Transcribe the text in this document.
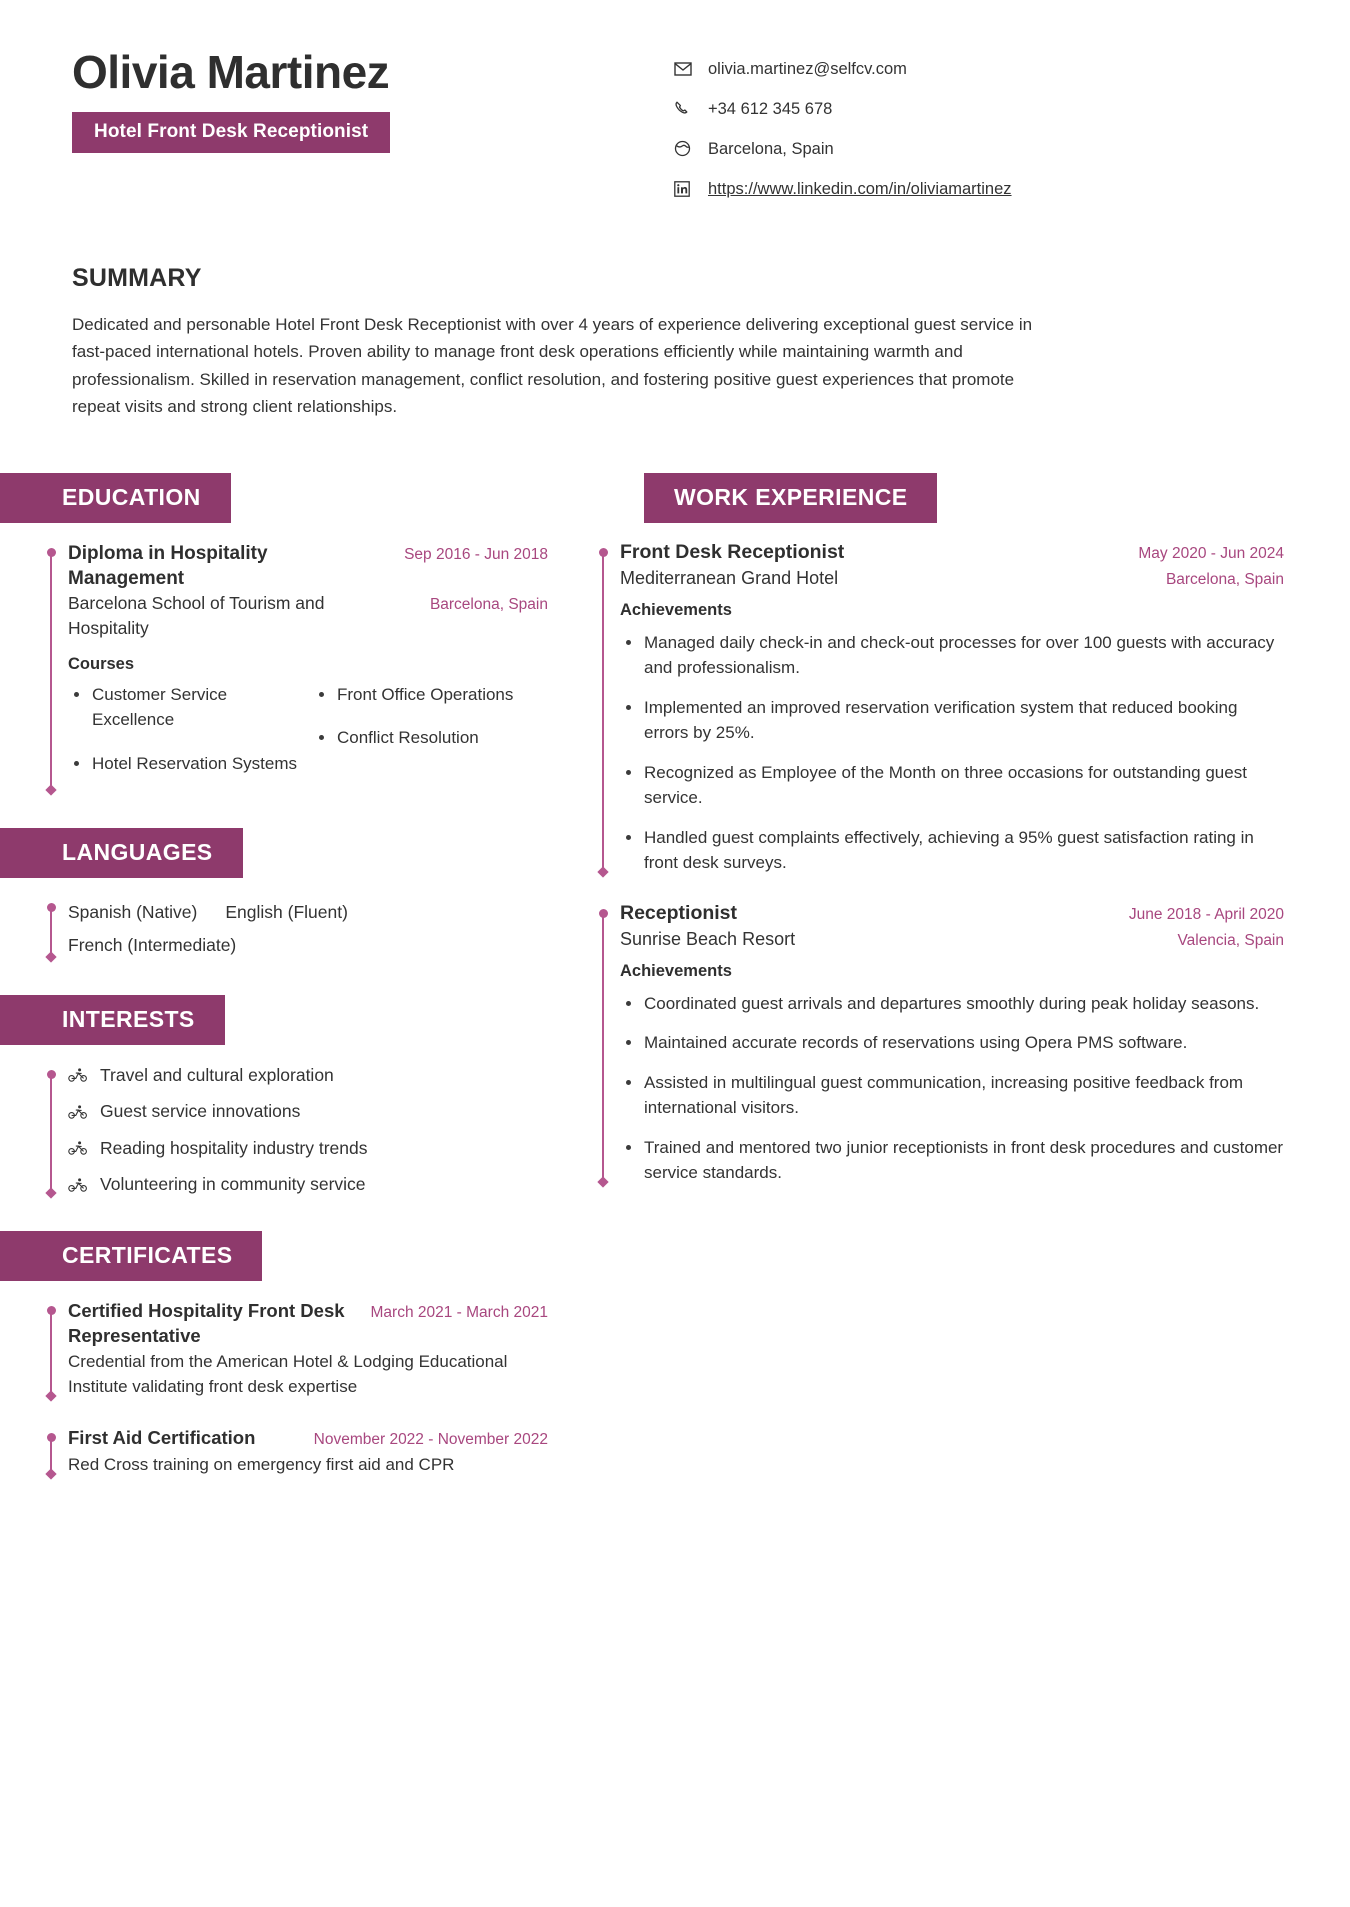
Olivia Martinez
Hotel Front Desk Receptionist
olivia.martinez@selfcv.com
+34 612 345 678
Barcelona, Spain
https://www.linkedin.com/in/oliviamartinez
SUMMARY
Dedicated and personable Hotel Front Desk Receptionist with over 4 years of experience delivering exceptional guest service in fast-paced international hotels. Proven ability to manage front desk operations efficiently while maintaining warmth and professionalism. Skilled in reservation management, conflict resolution, and fostering positive guest experiences that promote repeat visits and strong client relationships.
EDUCATION
Diploma in Hospitality Management
Sep 2016 - Jun 2018
Barcelona School of Tourism and Hospitality
Barcelona, Spain
Courses
Customer Service Excellence
Hotel Reservation Systems
Front Office Operations
Conflict Resolution
LANGUAGES
Spanish (Native) English (Fluent)
French (Intermediate)
INTERESTS
Travel and cultural exploration
Guest service innovations
Reading hospitality industry trends
Volunteering in community service
CERTIFICATES
Certified Hospitality Front Desk Representative
March 2021 - March 2021
Credential from the American Hotel & Lodging Educational Institute validating front desk expertise
First Aid Certification	November 2022 - November 2022
Red Cross training on emergency first aid and CPR
WORK EXPERIENCE
Front Desk Receptionist	May 2020 - Jun 2024
Mediterranean Grand Hotel	Barcelona, Spain
Achievements
Managed daily check-in and check-out processes for over 100 guests with accuracy and professionalism.
Implemented an improved reservation verification system that reduced booking errors by 25%.
Recognized as Employee of the Month on three occasions for outstanding guest service.
Handled guest complaints effectively, achieving a 95% guest satisfaction rating in front desk surveys.
Receptionist	June 2018 - April 2020
Sunrise Beach Resort	Valencia, Spain
Achievements
Coordinated guest arrivals and departures smoothly during peak holiday seasons.
Maintained accurate records of reservations using Opera PMS software.
Assisted in multilingual guest communication, increasing positive feedback from international visitors.
Trained and mentored two junior receptionists in front desk procedures and customer service standards.
